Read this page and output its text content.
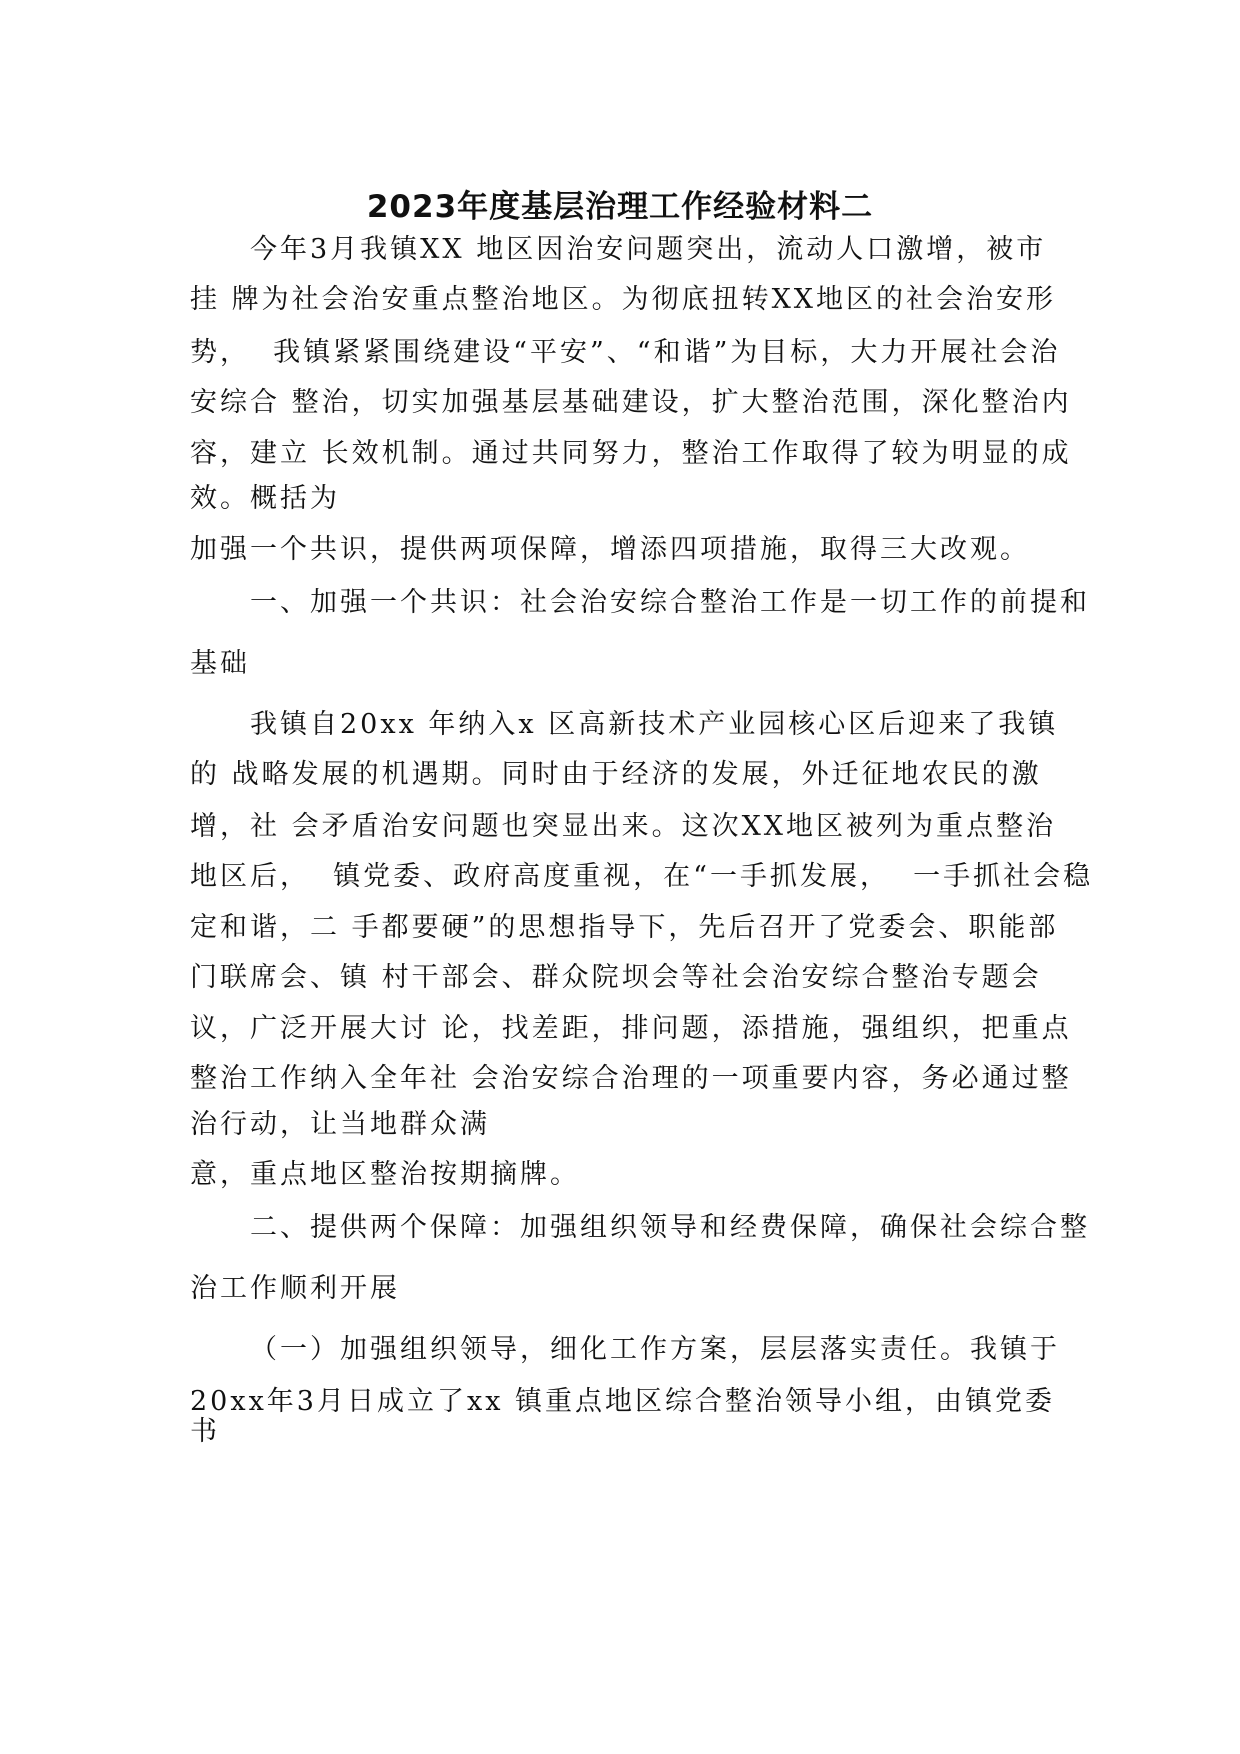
2023年度基层治理工作经验材料二
今年3月我镇XX 地区因治安问题突出，流动人口激增，被市
挂 牌为社会治安重点整治地区。为彻底扭转XX地区的社会治安形
势，  我镇紧紧围绕建设“平安”、“和谐”为目标，大力开展社会治
安综合 整治，切实加强基层基础建设，扩大整治范围，深化整治内
容，建立 长效机制。通过共同努力，整治工作取得了较为明显的成
效。概括为
加强一个共识，提供两项保障，增添四项措施，取得三大改观。
一、加强一个共识：社会治安综合整治工作是一切工作的前提和
基础
我镇自20xx 年纳入x 区高新技术产业园核心区后迎来了我镇
的 战略发展的机遇期。同时由于经济的发展，外迁征地农民的激
增，社 会矛盾治安问题也突显出来。这次XX地区被列为重点整治
地区后，  镇党委、政府高度重视，在“一手抓发展，  一手抓社会稳
定和谐，二 手都要硬”的思想指导下，先后召开了党委会、职能部
门联席会、镇 村干部会、群众院坝会等社会治安综合整治专题会
议，广泛开展大讨 论，找差距，排问题，添措施，强组织，把重点
整治工作纳入全年社 会治安综合治理的一项重要内容，务必通过整
治行动，让当地群众满
意，重点地区整治按期摘牌。
二、提供两个保障：加强组织领导和经费保障，确保社会综合整
治工作顺利开展
（一）加强组织领导，细化工作方案，层层落实责任。我镇于
20xx年3月日成立了xx 镇重点地区综合整治领导小组，由镇党委
书
